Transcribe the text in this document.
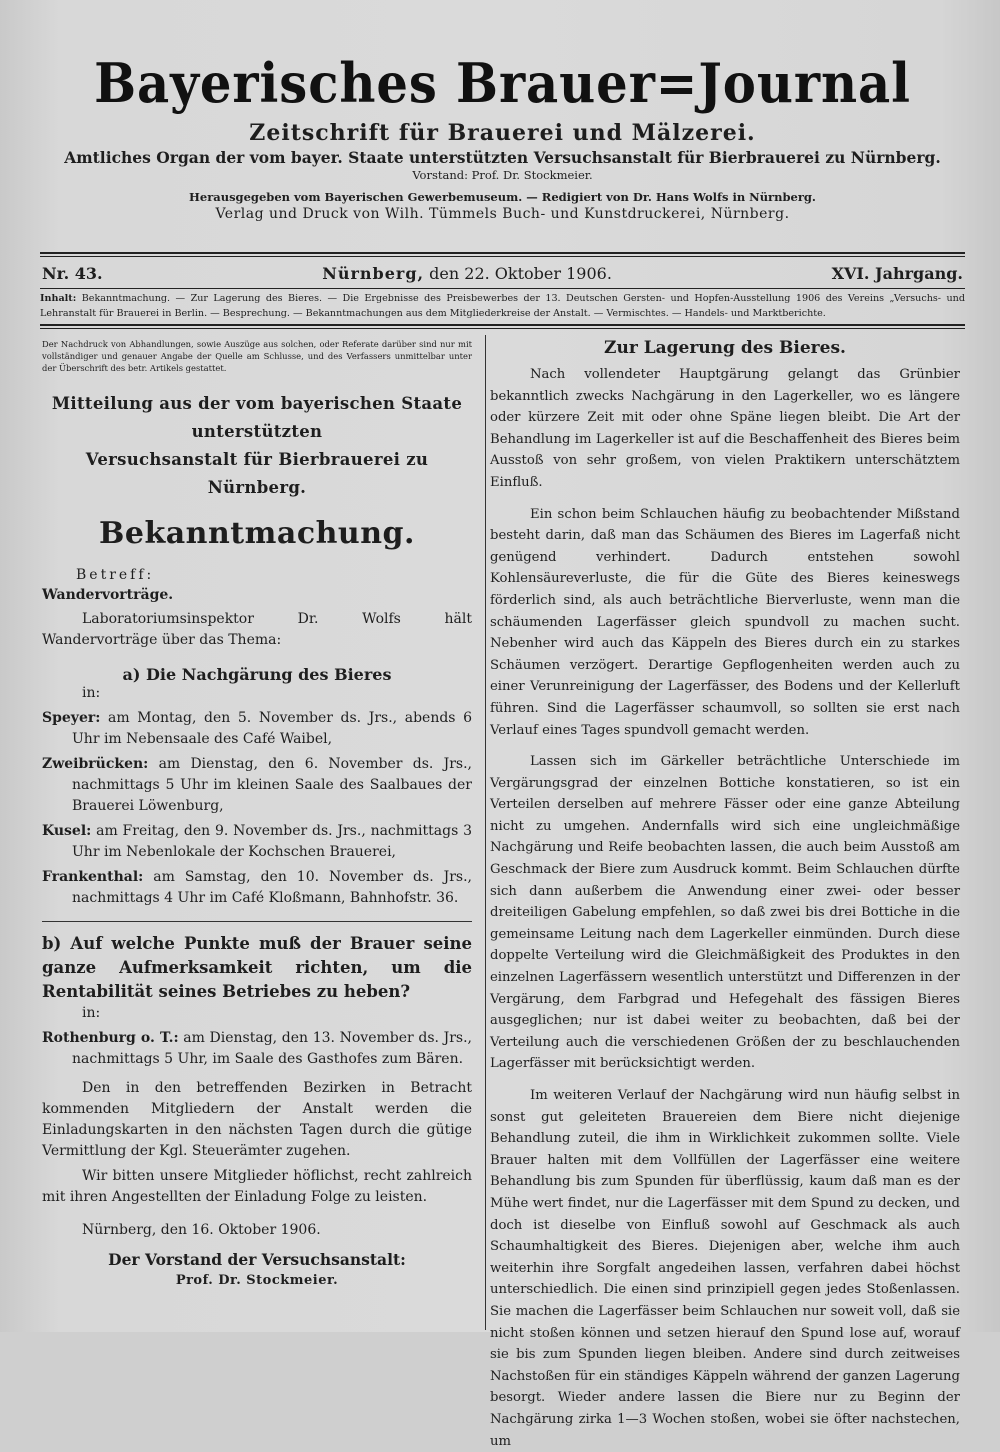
Bayerisches Brauer=Journal
Zeitschrift für Brauerei und Mälzerei.
Amtliches Organ der vom bayer. Staate unterstützten Versuchsanstalt für Bierbrauerei zu Nürnberg.
Vorstand: Prof. Dr. Stockmeier.
Herausgegeben vom Bayerischen Gewerbemuseum. — Redigiert von Dr. Hans Wolfs in Nürnberg.
Verlag und Druck von Wilh. Tümmels Buch- und Kunstdruckerei, Nürnberg.
Nr. 43.	Nürnberg, den 22. Oktober 1906.	XVI. Jahrgang.
Inhalt: Bekanntmachung. — Zur Lagerung des Bieres. — Die Ergebnisse des Preisbewerbes der 13. Deutschen Gersten- und Hopfen-Ausstellung 1906 des Vereins „Versuchs- und Lehranstalt für Brauerei in Berlin. — Besprechung. — Bekanntmachungen aus dem Mitgliederkreise der Anstalt. — Vermischtes. — Handels- und Marktberichte.
Der Nachdruck von Abhandlungen, sowie Auszüge aus solchen, oder Referate darüber sind nur mit vollständiger und genauer Angabe der Quelle am Schlusse, und des Verfassers unmittelbar unter der Überschrift des betr. Artikels gestattet.
Mitteilung aus der vom bayerischen Staate unterstützten
Versuchsanstalt für Bierbrauerei zu Nürnberg.
Bekanntmachung.
Betreff:
Wandervorträge.
Laboratoriumsinspektor Dr. Wolfs hält Wandervorträge über das Thema:
a) Die Nachgärung des Bieres
in:
Speyer: am Montag, den 5. November ds. Jrs., abends 6 Uhr im Nebensaale des Café Waibel,
Zweibrücken: am Dienstag, den 6. November ds. Jrs., nachmittags 5 Uhr im kleinen Saale des Saalbaues der Brauerei Löwenburg,
Kusel: am Freitag, den 9. November ds. Jrs., nachmittags 3 Uhr im Nebenlokale der Kochschen Brauerei,
Frankenthal: am Samstag, den 10. November ds. Jrs., nachmittags 4 Uhr im Café Kloßmann, Bahnhofstr. 36.
b) Auf welche Punkte muß der Brauer seine ganze Aufmerksamkeit richten, um die Rentabilität seines Betriebes zu heben?
in:
Rothenburg o. T.: am Dienstag, den 13. November ds. Jrs., nachmittags 5 Uhr, im Saale des Gasthofes zum Bären.
Den in den betreffenden Bezirken in Betracht kommenden Mitgliedern der Anstalt werden die Einladungskarten in den nächsten Tagen durch die gütige Vermittlung der Kgl. Steuerämter zugehen.
Wir bitten unsere Mitglieder höflichst, recht zahlreich mit ihren Angestellten der Einladung Folge zu leisten.
Nürnberg, den 16. Oktober 1906.
Der Vorstand der Versuchsanstalt:
Prof. Dr. Stockmeier.
Zur Lagerung des Bieres.

Nach vollendeter Hauptgärung gelangt das Grünbier bekanntlich zwecks Nachgärung in den Lagerkeller, wo es längere oder kürzere Zeit mit oder ohne Späne liegen bleibt. Die Art der Behandlung im Lagerkeller ist auf die Beschaffenheit des Bieres beim Ausstoß von sehr großem, von vielen Praktikern unterschätztem Einfluß.

Ein schon beim Schlauchen häufig zu beobachtender Mißstand besteht darin, daß man das Schäumen des Bieres im Lagerfaß nicht genügend verhindert. Dadurch entstehen sowohl Kohlensäureverluste, die für die Güte des Bieres keineswegs förderlich sind, als auch beträchtliche Bierverluste, wenn man die schäumenden Lagerfässer gleich spundvoll zu machen sucht. Nebenher wird auch das Käppeln des Bieres durch ein zu starkes Schäumen verzögert. Derartige Gepflogenheiten werden auch zu einer Verunreinigung der Lagerfässer, des Bodens und der Kellerluft führen. Sind die Lagerfässer schaumvoll, so sollten sie erst nach Verlauf eines Tages spundvoll gemacht werden.

Lassen sich im Gärkeller beträchtliche Unterschiede im Vergärungsgrad der einzelnen Bottiche konstatieren, so ist ein Verteilen derselben auf mehrere Fässer oder eine ganze Abteilung nicht zu umgehen. Andernfalls wird sich eine ungleichmäßige Nachgärung und Reife beobachten lassen, die auch beim Ausstoß am Geschmack der Biere zum Ausdruck kommt. Beim Schlauchen dürfte sich dann außerbem die Anwendung einer zwei- oder besser dreiteiligen Gabelung empfehlen, so daß zwei bis drei Bottiche in die gemeinsame Leitung nach dem Lagerkeller einmünden. Durch diese doppelte Verteilung wird die Gleichmäßigkeit des Produktes in den einzelnen Lagerfässern wesentlich unterstützt und Differenzen in der Vergärung, dem Farbgrad und Hefegehalt des fässigen Bieres ausgeglichen; nur ist dabei weiter zu beobachten, daß bei der Verteilung auch die verschiedenen Größen der zu beschlauchenden Lagerfässer mit berücksichtigt werden.

Im weiteren Verlauf der Nachgärung wird nun häufig selbst in sonst gut geleiteten Brauereien dem Biere nicht diejenige Behandlung zuteil, die ihm in Wirklichkeit zukommen sollte. Viele Brauer halten mit dem Vollfüllen der Lagerfässer eine weitere Behandlung bis zum Spunden für überflüssig, kaum daß man es der Mühe wert findet, nur die Lagerfässer mit dem Spund zu decken, und doch ist dieselbe von Einfluß sowohl auf Geschmack als auch Schaumhaltigkeit des Bieres. Diejenigen aber, welche ihm auch weiterhin ihre Sorgfalt angedeihen lassen, verfahren dabei höchst unterschiedlich. Die einen sind prinzipiell gegen jedes Stoßenlassen. Sie machen die Lagerfässer beim Schlauchen nur soweit voll, daß sie nicht stoßen können und setzen hierauf den Spund lose auf, worauf sie bis zum Spunden liegen bleiben. Andere sind durch zeitweises Nachstoßen für ein ständiges Käppeln während der ganzen Lagerung besorgt. Wieder andere lassen die Biere nur zu Beginn der Nachgärung zirka 1—3 Wochen stoßen, wobei sie öfter nachstechen, um
